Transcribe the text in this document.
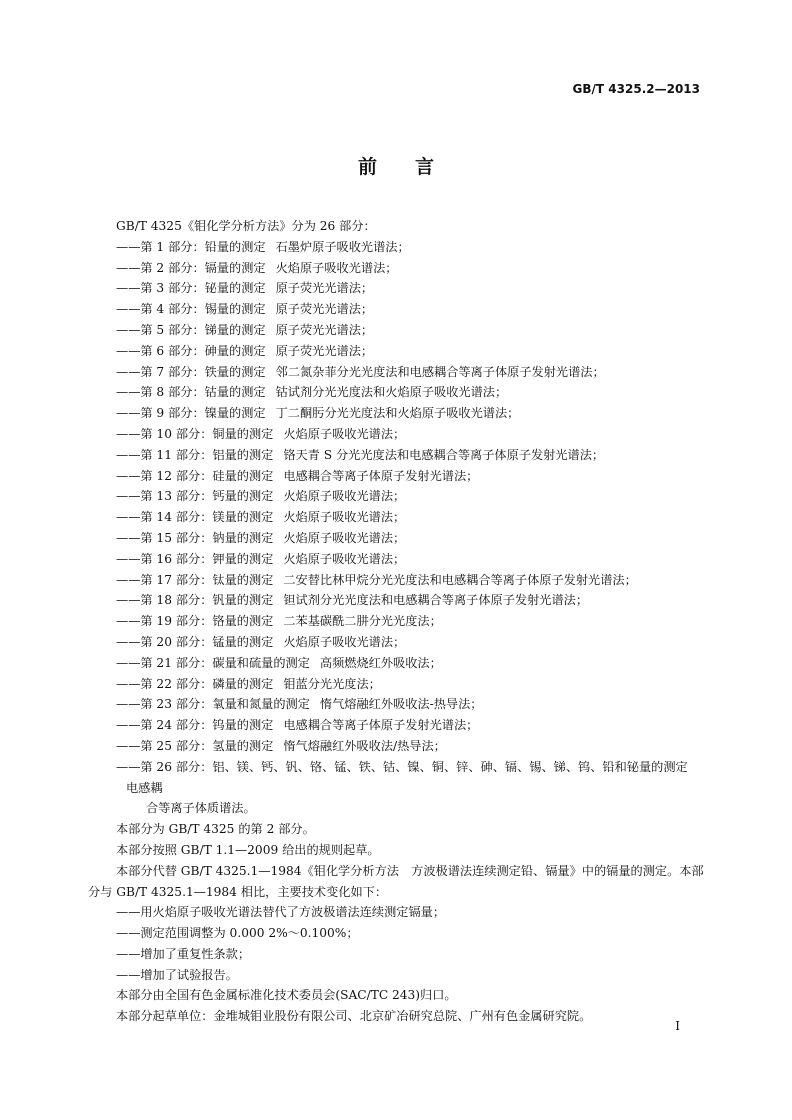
GB/T 4325.2—2013
前 言
GB/T 4325《钼化学分析方法》分为 26 部分：
——第 1 部分：铅量的测定 石墨炉原子吸收光谱法；
——第 2 部分：镉量的测定 火焰原子吸收光谱法；
——第 3 部分：铋量的测定 原子荧光光谱法；
——第 4 部分：锡量的测定 原子荧光光谱法；
——第 5 部分：锑量的测定 原子荧光光谱法；
——第 6 部分：砷量的测定 原子荧光光谱法；
——第 7 部分：铁量的测定 邻二氮杂菲分光光度法和电感耦合等离子体原子发射光谱法；
——第 8 部分：钴量的测定 钴试剂分光光度法和火焰原子吸收光谱法；
——第 9 部分：镍量的测定 丁二酮肟分光光度法和火焰原子吸收光谱法；
——第 10 部分：铜量的测定 火焰原子吸收光谱法；
——第 11 部分：铝量的测定 铬天青 S 分光光度法和电感耦合等离子体原子发射光谱法；
——第 12 部分：硅量的测定 电感耦合等离子体原子发射光谱法；
——第 13 部分：钙量的测定 火焰原子吸收光谱法；
——第 14 部分：镁量的测定 火焰原子吸收光谱法；
——第 15 部分：钠量的测定 火焰原子吸收光谱法；
——第 16 部分：钾量的测定 火焰原子吸收光谱法；
——第 17 部分：钛量的测定 二安替比林甲烷分光光度法和电感耦合等离子体原子发射光谱法；
——第 18 部分：钒量的测定 钽试剂分光光度法和电感耦合等离子体原子发射光谱法；
——第 19 部分：铬量的测定 二苯基碳酰二肼分光光度法；
——第 20 部分：锰量的测定 火焰原子吸收光谱法；
——第 21 部分：碳量和硫量的测定 高频燃烧红外吸收法；
——第 22 部分：磷量的测定 钼蓝分光光度法；
——第 23 部分：氧量和氮量的测定 惰气熔融红外吸收法-热导法；
——第 24 部分：钨量的测定 电感耦合等离子体原子发射光谱法；
——第 25 部分：氢量的测定 惰气熔融红外吸收法/热导法；
——第 26 部分：铝、镁、钙、钒、铬、锰、铁、钴、镍、铜、锌、砷、镉、锡、锑、钨、铅和铋量的测定电感耦
合等离子体质谱法。
本部分为 GB/T 4325 的第 2 部分。
本部分按照 GB/T 1.1—2009 给出的规则起草。
本部分代替 GB/T 4325.1—1984《钼化学分析方法　方波极谱法连续测定铅、镉量》中的镉量的测定。本部分与 GB/T 4325.1—1984 相比，主要技术变化如下：
——用火焰原子吸收光谱法替代了方波极谱法连续测定镉量；
——测定范围调整为 0.000 2%～0.100%；
——增加了重复性条款；
——增加了试验报告。
本部分由全国有色金属标准化技术委员会(SAC/TC 243)归口。
本部分起草单位：金堆城钼业股份有限公司、北京矿冶研究总院、广州有色金属研究院。
I
